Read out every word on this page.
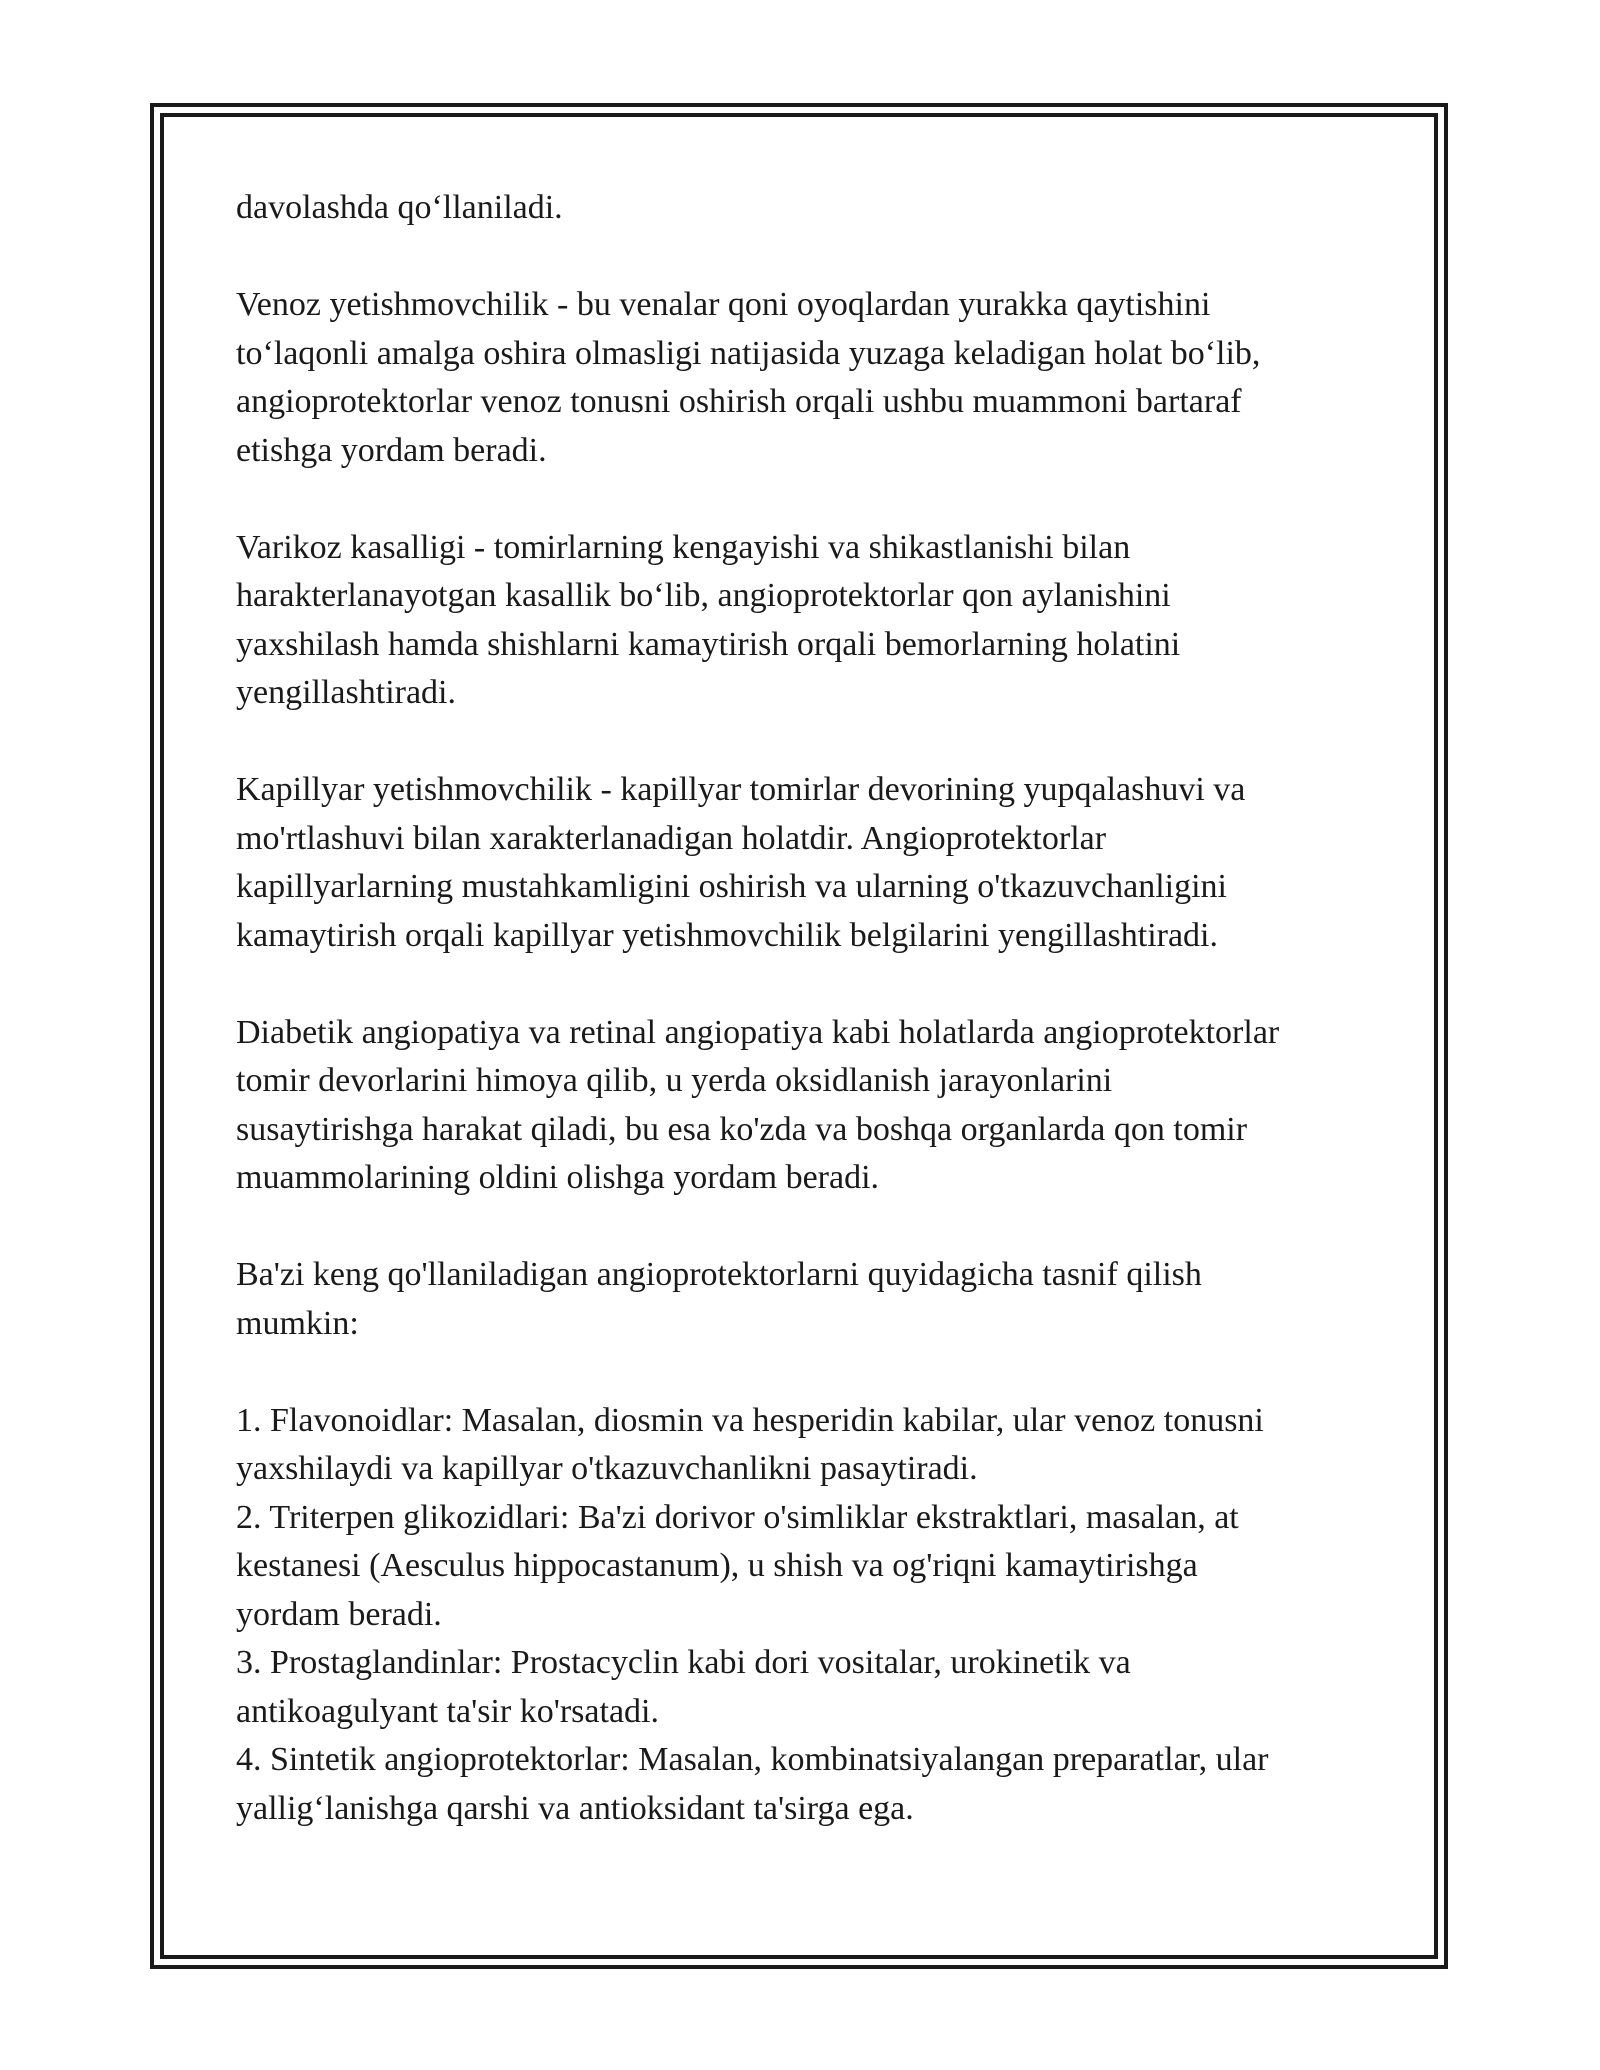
davolashda qo‘llaniladi.

Venoz yetishmovchilik - bu venalar qoni oyoqlardan yurakka qaytishini
to‘laqonli amalga oshira olmasligi natijasida yuzaga keladigan holat bo‘lib,
angioprotektorlar venoz tonusni oshirish orqali ushbu muammoni bartaraf
etishga yordam beradi.

Varikoz kasalligi - tomirlarning kengayishi va shikastlanishi bilan
harakterlanayotgan kasallik bo‘lib, angioprotektorlar qon aylanishini
yaxshilash hamda shishlarni kamaytirish orqali bemorlarning holatini
yengillashtiradi.

Kapillyar yetishmovchilik - kapillyar tomirlar devorining yupqalashuvi va
mo'rtlashuvi bilan xarakterlanadigan holatdir. Angioprotektorlar
kapillyarlarning mustahkamligini oshirish va ularning o'tkazuvchanligini
kamaytirish orqali kapillyar yetishmovchilik belgilarini yengillashtiradi.

Diabetik angiopatiya va retinal angiopatiya kabi holatlarda angioprotektorlar
tomir devorlarini himoya qilib, u yerda oksidlanish jarayonlarini
susaytirishga harakat qiladi, bu esa ko'zda va boshqa organlarda qon tomir
muammolarining oldini olishga yordam beradi.

Ba'zi keng qo'llaniladigan angioprotektorlarni quyidagicha tasnif qilish
mumkin:

1. Flavonoidlar: Masalan, diosmin va hesperidin kabilar, ular venoz tonusni
yaxshilaydi va kapillyar o'tkazuvchanlikni pasaytiradi.

2. Triterpen glikozidlari: Ba'zi dorivor o'simliklar ekstraktlari, masalan, at
kestanesi (Aesculus hippocastanum), u shish va og'riqni kamaytirishga
yordam beradi.

3. Prostaglandinlar: Prostacyclin kabi dori vositalar, urokinetik va
antikoagulyant ta'sir ko'rsatadi.

4. Sintetik angioprotektorlar: Masalan, kombinatsiyalangan preparatlar, ular
yallig‘lanishga qarshi va antioksidant ta'sirga ega.
